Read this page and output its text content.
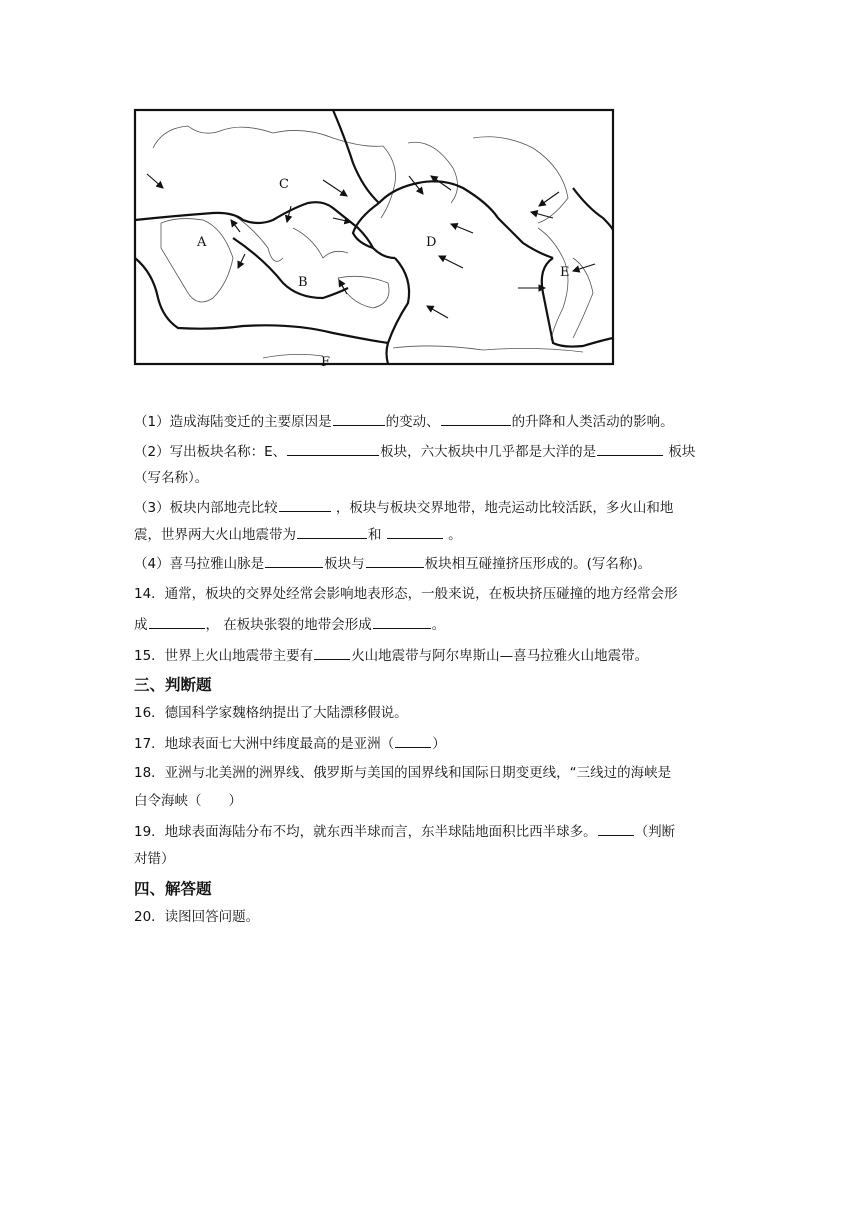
C
A
B
D
E
F
（1）造成海陆变迁的主要原因是	的变动、	的升降和人类活动的影响。
（2）写出板块名称：E、	板块，六大板块中几乎都是大洋的是	板块
（写名称）。
（3）板块内部地壳比较	，板块与板块交界地带，地壳运动比较活跃，多火山和地
震，世界两大火山地震带为	和	。
（4）喜马拉雅山脉是	板块与	板块相互碰撞挤压形成的。(写名称)。
14．通常，板块的交界处经常会影响地表形态，一般来说，在板块挤压碰撞的地方经常会形
成	， 在板块张裂的地带会形成	。
15．世界上火山地震带主要有	火山地震带与阿尔卑斯山—喜马拉雅火山地震带。
三、判断题
16．德国科学家魏格纳提出了大陆漂移假说。
17．地球表面七大洲中纬度最高的是亚洲（	）
18．亚洲与北美洲的洲界线、俄罗斯与美国的国界线和国际日期变更线，“三线过的海峡是
白令海峡（　　）
19．地球表面海陆分布不均，就东西半球而言，东半球陆地面积比西半球多。	（判断
对错）
四、解答题
20．读图回答问题。
